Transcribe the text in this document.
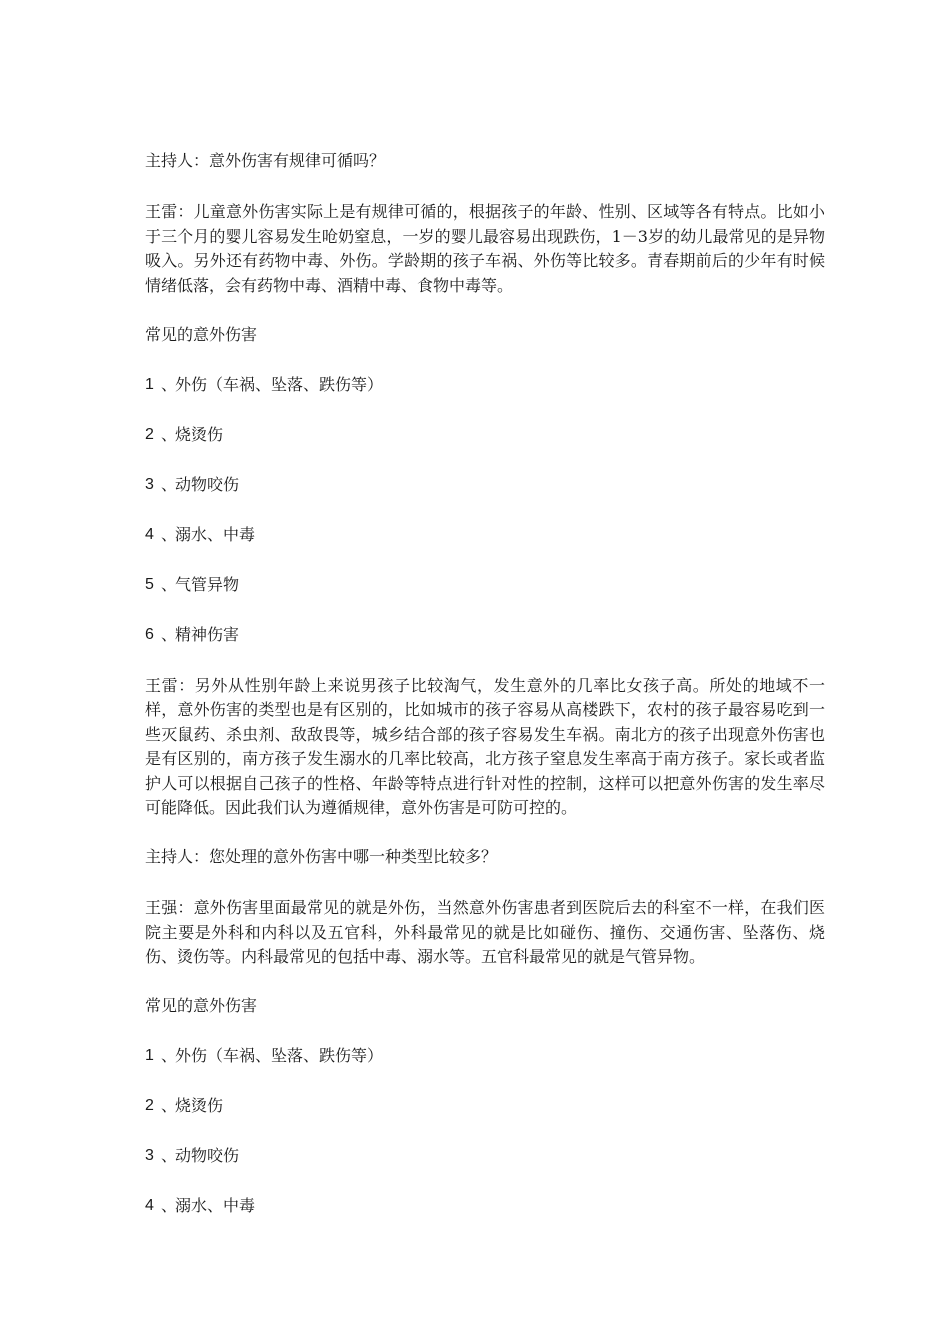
主持人：意外伤害有规律可循吗？

王雷：儿童意外伤害实际上是有规律可循的，根据孩子的年龄、性别、区域等各有特点。比如小于三个月的婴儿容易发生呛奶窒息，一岁的婴儿最容易出现跌伤，1－3岁的幼儿最常见的是异物吸入。另外还有药物中毒、外伤。学龄期的孩子车祸、外伤等比较多。青春期前后的少年有时候情绪低落，会有药物中毒、酒精中毒、食物中毒等。

常见的意外伤害

1 、
外伤（车祸、坠落、跌伤等）
2 、
烧烫伤
3 、
动物咬伤
4 、
溺水、中毒
5 、
气管异物
6 、
精神伤害

王雷：另外从性别年龄上来说男孩子比较淘气，发生意外的几率比女孩子高。所处的地域不一样，意外伤害的类型也是有区别的，比如城市的孩子容易从高楼跌下，农村的孩子最容易吃到一些灭鼠药、杀虫剂、敌敌畏等，城乡结合部的孩子容易发生车祸。南北方的孩子出现意外伤害也是有区别的，南方孩子发生溺水的几率比较高，北方孩子窒息发生率高于南方孩子。家长或者监护人可以根据自己孩子的性格、年龄等特点进行针对性的控制，这样可以把意外伤害的发生率尽可能降低。因此我们认为遵循规律，意外伤害是可防可控的。

主持人：您处理的意外伤害中哪一种类型比较多？

王强：意外伤害里面最常见的就是外伤，当然意外伤害患者到医院后去的科室不一样，在我们医院主要是外科和内科以及五官科，外科最常见的就是比如碰伤、撞伤、交通伤害、坠落伤、烧伤、烫伤等。内科最常见的包括中毒、溺水等。五官科最常见的就是气管异物。

常见的意外伤害

1 、
外伤（车祸、坠落、跌伤等）
2 、
烧烫伤
3 、
动物咬伤
4 、
溺水、中毒
